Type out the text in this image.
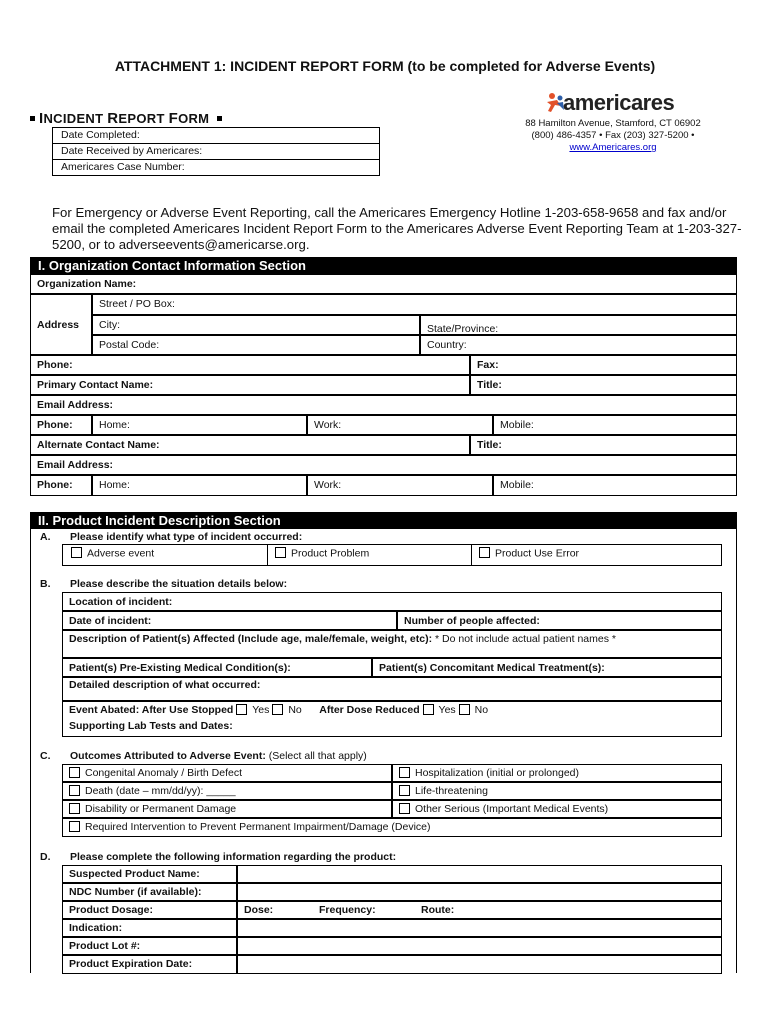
ATTACHMENT 1: INCIDENT REPORT FORM (to be completed for Adverse Events)
INCIDENT REPORT FORM
Date Completed:
Date Received by Americares:
Americares Case Number:
americares
88 Hamilton Avenue, Stamford, CT 06902
(800) 486-4357 • Fax (203) 327-5200 •
www.Americares.org
For Emergency or Adverse Event Reporting, call the Americares Emergency Hotline 1-203-658-9658 and fax and/or email the completed Americares Incident Report Form to the Americares Adverse Event Reporting Team at 1-203-327-5200, or to adverseevents@americarse.org.
I. Organization Contact Information Section
Organization Name:
Address
Street / PO Box:
City:	State/Province:
Postal Code:	Country:
Phone:	Fax:
Primary Contact Name:	Title:
Email Address:
Phone:	Home:	Work:	Mobile:
Alternate Contact Name:	Title:
Email Address:
Phone:	Home:	Work:	Mobile:
II. Product Incident Description Section
A. Please identify what type of incident occurred:
Adverse event	Product Problem	Product Use Error
B. Please describe the situation details below:
Location of incident:
Date of incident:	Number of people affected:
Description of Patient(s) Affected (Include age, male/female, weight, etc): * Do not include actual patient names *
Patient(s) Pre-Existing Medical Condition(s):	Patient(s) Concomitant Medical Treatment(s):
Detailed description of what occurred:
Event Abated: After Use Stopped Yes No After Dose Reduced Yes No
Supporting Lab Tests and Dates:
C. Outcomes Attributed to Adverse Event: (Select all that apply)
Congenital Anomaly / Birth Defect	Hospitalization (initial or prolonged)
Death (date – mm/dd/yy): _____	Life-threatening
Disability or Permanent Damage	Other Serious (Important Medical Events)
Required Intervention to Prevent Permanent Impairment/Damage (Device)
D. Please complete the following information regarding the product:
Suspected Product Name:
NDC Number (if available):
Product Dosage:	Dose:	Frequency:	Route:
Indication:
Product Lot #:
Product Expiration Date:
